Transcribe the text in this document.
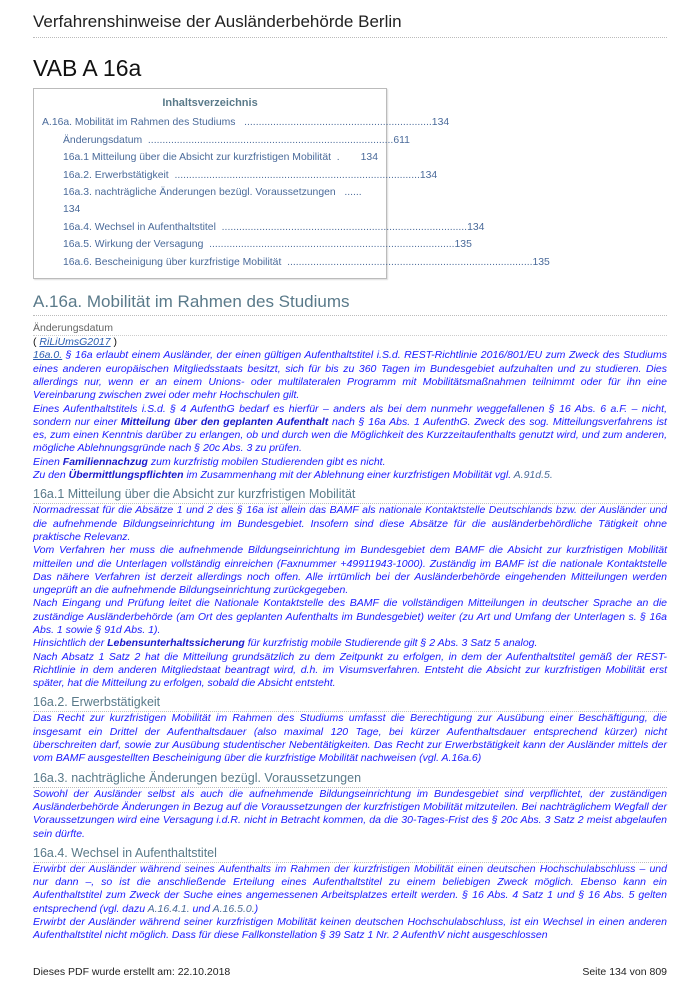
Verfahrenshinweise der Ausländerbehörde Berlin
VAB A 16a
Inhaltsverzeichnis
A.16a. Mobilität im Rahmen des Studiums ................................................................. 134
Änderungsdatum ..................................................................................... 611
16a.1 Mitteilung über die Absicht zur kurzfristigen Mobilität .	134
16a.2. Erwerbstätigkeit ..................................................................................... 134
16a.3. nachträgliche Änderungen bezügl. Voraussetzungen   ......
134
16a.4. Wechsel in Aufenthaltstitel ..................................................................................... 134
16a.5. Wirkung der Versagung ..................................................................................... 135
16a.6. Bescheinigung über kurzfristige Mobilität ..................................................................................... 135
A.16a. Mobilität im Rahmen des Studiums
Änderungsdatum

( RiLiUmsG2017 )

16a.0. § 16a erlaubt einem Ausländer, der einen gültigen Aufenthaltstitel i.S.d. REST-Richtlinie 2016/801/EU zum Zweck des Studiums eines anderen europäischen Mitgliedsstaats besitzt, sich für bis zu 360 Tagen im Bundesgebiet aufzuhalten und zu studieren. Dies allerdings nur, wenn er an einem Unions- oder multilateralen Programm mit Mobilitätsmaßnahmen teilnimmt oder für ihn eine Vereinbarung zwischen zwei oder mehr Hochschulen gilt.

Eines Aufenthaltstitels i.S.d. § 4 AufenthG bedarf es hierfür – anders als bei dem nunmehr weggefallenen § 16 Abs. 6 a.F. – nicht, sondern nur einer Mitteilung über den geplanten Aufenthalt nach § 16a Abs. 1 AufenthG. Zweck des sog. Mitteilungsverfahrens ist es, zum einen Kenntnis darüber zu erlangen, ob und durch wen die Möglichkeit des Kurzzeitaufenthalts genutzt wird, und zum anderen, mögliche Ablehnungsgründe nach § 20c Abs. 3 zu prüfen.

Einen Familiennachzug zum kurzfristig mobilen Studierenden gibt es nicht.

Zu den Übermittlungspflichten im Zusammenhang mit der Ablehnung einer kurzfristigen Mobilität vgl. A.91d.5.

16a.1 Mitteilung über die Absicht zur kurzfristigen Mobilität

Normadressat für die Absätze 1 und 2 des § 16a ist allein das BAMF als nationale Kontaktstelle Deutschlands bzw. der Ausländer und die aufnehmende Bildungseinrichtung im Bundesgebiet. Insofern sind diese Absätze für die ausländerbehördliche Tätigkeit ohne praktische Relevanz.

Vom Verfahren her muss die aufnehmende Bildungseinrichtung im Bundesgebiet dem BAMF die Absicht zur kurzfristigen Mobilität mitteilen und die Unterlagen vollständig einreichen (Faxnummer +49911943-1000). Zuständig im BAMF ist die nationale Kontaktstelle Das nähere Verfahren ist derzeit allerdings noch offen. Alle irrtümlich bei der Ausländerbehörde eingehenden Mitteilungen werden ungeprüft an die aufnehmende Bildungseinrichtung zurückgegeben.

Nach Eingang und Prüfung leitet die Nationale Kontaktstelle des BAMF die vollständigen Mitteilungen in deutscher Sprache an die zuständige Ausländerbehörde (am Ort des geplanten Aufenthalts im Bundesgebiet) weiter (zu Art und Umfang der Unterlagen s. § 16a Abs. 1 sowie § 91d Abs. 1).

Hinsichtlich der Lebensunterhaltssicherung für kurzfristig mobile Studierende gilt § 2 Abs. 3 Satz 5 analog.

Nach Absatz 1 Satz 2 hat die Mitteilung grundsätzlich zu dem Zeitpunkt zu erfolgen, in dem der Aufenthaltstitel gemäß der REST-Richtlinie in dem anderen Mitgliedstaat beantragt wird, d.h. im Visumsverfahren. Entsteht die Absicht zur kurzfristigen Mobilität erst später, hat die Mitteilung zu erfolgen, sobald die Absicht entsteht.

16a.2. Erwerbstätigkeit

Das Recht zur kurzfristigen Mobilität im Rahmen des Studiums umfasst die Berechtigung zur Ausübung einer Beschäftigung, die insgesamt ein Drittel der Aufenthaltsdauer (also maximal 120 Tage, bei kürzer Aufenthaltsdauer entsprechend kürzer) nicht überschreiten darf, sowie zur Ausübung studentischer Nebentätigkeiten. Das Recht zur Erwerbstätigkeit kann der Ausländer mittels der vom BAMF ausgestellten Bescheinigung über die kurzfristige Mobilität nachweisen (vgl. A.16a.6)

16a.3. nachträgliche Änderungen bezügl. Voraussetzungen

Sowohl der Ausländer selbst als auch die aufnehmende Bildungseinrichtung im Bundesgebiet sind verpflichtet, der zuständigen Ausländerbehörde Änderungen in Bezug auf die Voraussetzungen der kurzfristigen Mobilität mitzuteilen. Bei nachträglichem Wegfall der Voraussetzungen wird eine Versagung i.d.R. nicht in Betracht kommen, da die 30-Tages-Frist des § 20c Abs. 3 Satz 2 meist abgelaufen sein dürfte.

16a.4. Wechsel in Aufenthaltstitel

Erwirbt der Ausländer während seines Aufenthalts im Rahmen der kurzfristigen Mobilität einen deutschen Hochschulabschluss – und nur dann –, so ist die anschließende Erteilung eines Aufenthaltstitel zu einem beliebigen Zweck möglich. Ebenso kann ein Aufenthaltstitel zum Zweck der Suche eines angemessenen Arbeitsplatzes erteilt werden. § 16 Abs. 4 Satz 1 und § 16 Abs. 5 gelten entsprechend (vgl. dazu A.16.4.1. und A.16.5.0.)

Erwirbt der Ausländer während seiner kurzfristigen Mobilität keinen deutschen Hochschulabschluss, ist ein Wechsel in einen anderen Aufenthaltstitel nicht möglich. Dass für diese Fallkonstellation § 39 Satz 1 Nr. 2 AufenthV nicht ausgeschlossen

Dieses PDF wurde erstellt am: 22.10.2018	Seite 134 von 809
